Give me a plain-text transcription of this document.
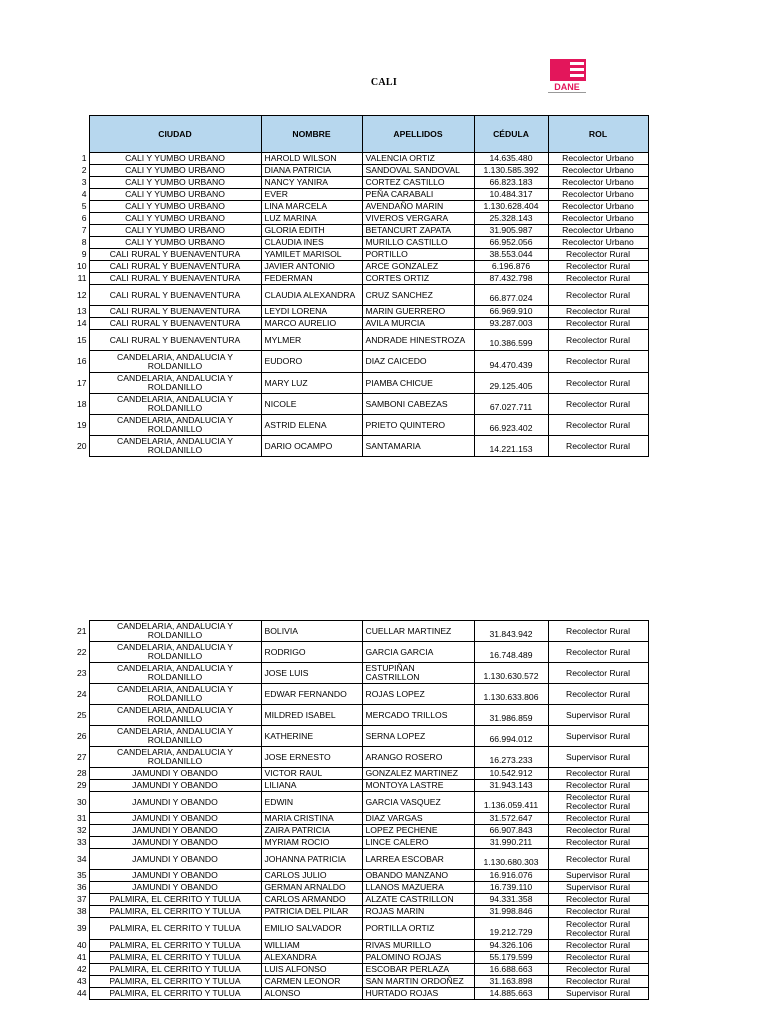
CALI	DANE
	CIUDAD	NOMBRE	APELLIDOS	CÉDULA	ROL
1	CALI Y YUMBO URBANO	HAROLD WILSON	VALENCIA ORTIZ	14.635.480	Recolector Urbano
2	CALI Y YUMBO URBANO	DIANA PATRICIA	SANDOVAL SANDOVAL	1.130.585.392	Recolector Urbano
3	CALI Y YUMBO URBANO	NANCY YANIRA	CORTEZ CASTILLO	66.823.183	Recolector Urbano
4	CALI Y YUMBO URBANO	EVER	PEÑA CARABALI	10.484.317	Recolector Urbano
5	CALI Y YUMBO URBANO	LINA MARCELA	AVENDAÑO MARIN	1.130.628.404	Recolector Urbano
6	CALI Y YUMBO URBANO	LUZ MARINA	VIVEROS VERGARA	25.328.143	Recolector Urbano
7	CALI Y YUMBO URBANO	GLORIA EDITH	BETANCURT ZAPATA	31.905.987	Recolector Urbano
8	CALI Y YUMBO URBANO	CLAUDIA INES	MURILLO CASTILLO	66.952.056	Recolector Urbano
9	CALI RURAL Y BUENAVENTURA	YAMILET MARISOL	PORTILLO	38.553.044	Recolector Rural
10	CALI RURAL Y BUENAVENTURA	JAVIER ANTONIO	ARCE GONZALEZ	6.196.876	Recolector Rural
11	CALI RURAL Y BUENAVENTURA	FEDERMAN	CORTES ORTIZ	87.432.798	Recolector Rural
12	CALI RURAL Y BUENAVENTURA	CLAUDIA ALEXANDRA	CRUZ SANCHEZ	66.877.024	Recolector Rural
13	CALI RURAL Y BUENAVENTURA	LEYDI LORENA	MARIN GUERRERO	66.969.910	Recolector Rural
14	CALI RURAL Y BUENAVENTURA	MARCO AURELIO	AVILA MURCIA	93.287.003	Recolector Rural
15	CALI RURAL Y BUENAVENTURA	MYLMER	ANDRADE HINESTROZA	10.386.599	Recolector Rural
16	CANDELARIA, ANDALUCIA Y ROLDANILLO	EUDORO	DIAZ CAICEDO	94.470.439	Recolector Rural
17	CANDELARIA, ANDALUCIA Y ROLDANILLO	MARY LUZ	PIAMBA CHICUE	29.125.405	Recolector Rural
18	CANDELARIA, ANDALUCIA Y ROLDANILLO	NICOLE	SAMBONI CABEZAS	67.027.711	Recolector Rural
19	CANDELARIA, ANDALUCIA Y ROLDANILLO	ASTRID ELENA	PRIETO QUINTERO	66.923.402	Recolector Rural
20	CANDELARIA, ANDALUCIA Y ROLDANILLO	DARIO OCAMPO	SANTAMARIA	14.221.153	Recolector Rural
21	CANDELARIA, ANDALUCIA Y ROLDANILLO	BOLIVIA	CUELLAR MARTINEZ	31.843.942	Recolector Rural
22	CANDELARIA, ANDALUCIA Y ROLDANILLO	RODRIGO	GARCIA GARCIA	16.748.489	Recolector Rural
23	CANDELARIA, ANDALUCIA Y ROLDANILLO	JOSE LUIS	ESTUPIÑAN CASTRILLON	1.130.630.572	Recolector Rural
24	CANDELARIA, ANDALUCIA Y ROLDANILLO	EDWAR FERNANDO	ROJAS LOPEZ	1.130.633.806	Recolector Rural
25	CANDELARIA, ANDALUCIA Y ROLDANILLO	MILDRED ISABEL	MERCADO TRILLOS	31.986.859	Supervisor Rural
26	CANDELARIA, ANDALUCIA Y ROLDANILLO	KATHERINE	SERNA LOPEZ	66.994.012	Supervisor Rural
27	CANDELARIA, ANDALUCIA Y ROLDANILLO	JOSE ERNESTO	ARANGO ROSERO	16.273.233	Supervisor Rural
28	JAMUNDI Y OBANDO	VICTOR RAUL	GONZALEZ MARTINEZ	10.542.912	Recolector Rural
29	JAMUNDI Y OBANDO	LILIANA	MONTOYA LASTRE	31.943.143	Recolector Rural
30	JAMUNDI Y OBANDO	EDWIN	GARCIA VASQUEZ	1.136.059.411	Recolector Rural Recolector Rural
31	JAMUNDI Y OBANDO	MARIA CRISTINA	DIAZ VARGAS	31.572.647	Recolector Rural
32	JAMUNDI Y OBANDO	ZAIRA PATRICIA	LOPEZ PECHENE	66.907.843	Recolector Rural
33	JAMUNDI Y OBANDO	MYRIAM ROCIO	LINCE CALERO	31.990.211	Recolector Rural
34	JAMUNDI Y OBANDO	JOHANNA PATRICIA	LARREA ESCOBAR	1.130.680.303	Recolector Rural
35	JAMUNDI Y OBANDO	CARLOS JULIO	OBANDO MANZANO	16.916.076	Supervisor Rural
36	JAMUNDI Y OBANDO	GERMAN ARNALDO	LLANOS MAZUERA	16.739.110	Supervisor Rural
37	PALMIRA, EL CERRITO Y TULUA	CARLOS ARMANDO	ALZATE CASTRILLON	94.331.358	Recolector Rural
38	PALMIRA, EL CERRITO Y TULUA	PATRICIA DEL PILAR	ROJAS MARIN	31.998.846	Recolector Rural
39	PALMIRA, EL CERRITO Y TULUA	EMILIO SALVADOR	PORTILLA ORTIZ	19.212.729	Recolector Rural Recolector Rural
40	PALMIRA, EL CERRITO Y TULUA	WILLIAM	RIVAS MURILLO	94.326.106	Recolector Rural
41	PALMIRA, EL CERRITO Y TULUA	ALEXANDRA	PALOMINO ROJAS	55.179.599	Recolector Rural
42	PALMIRA, EL CERRITO Y TULUA	LUIS ALFONSO	ESCOBAR PERLAZA	16.688.663	Recolector Rural
43	PALMIRA, EL CERRITO Y TULUA	CARMEN LEONOR	SAN MARTIN ORDOÑEZ	31.163.898	Recolector Rural
44	PALMIRA, EL CERRITO Y TULUA	ALONSO	HURTADO ROJAS	14.885.663	Supervisor Rural
